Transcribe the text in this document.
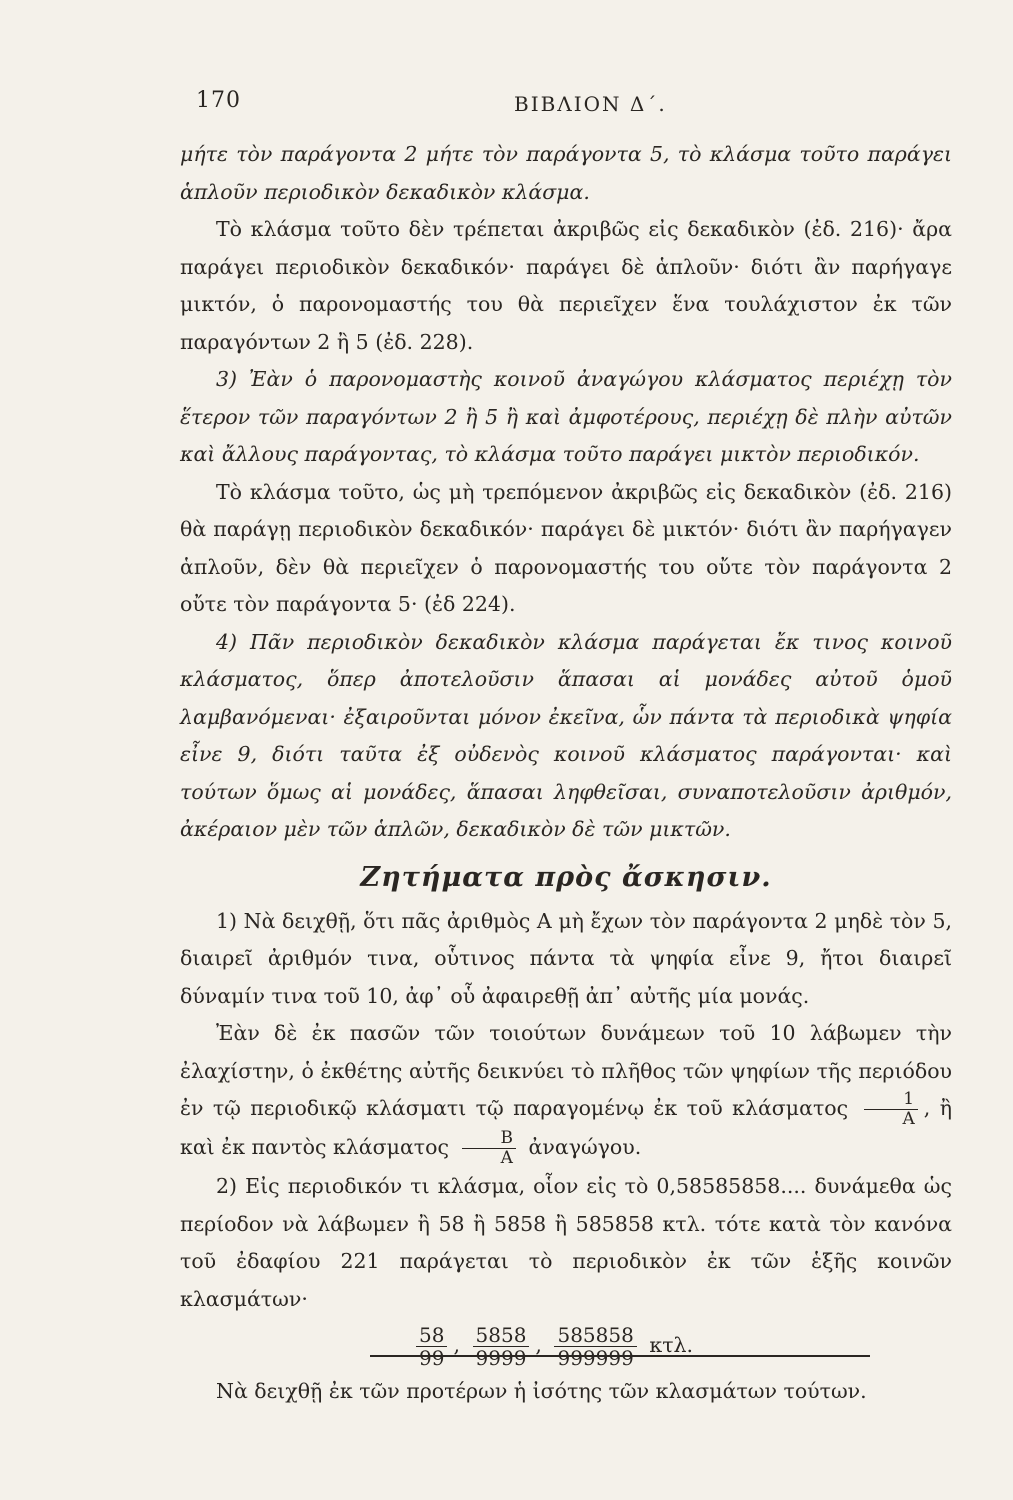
170	ΒΙΒΛΙΟΝ Δ΄.

μήτε τὸν παράγοντα 2 μήτε τὸν παράγοντα 5, τὸ κλάσμα τοῦτο παράγει ἁπλοῦν περιοδικὸν δεκαδικὸν κλάσμα.

Τὸ κλάσμα τοῦτο δὲν τρέπεται ἀκριβῶς εἰς δεκαδικὸν (ἐδ. 216)· ἄρα παράγει περιοδικὸν δεκαδικόν· παράγει δὲ ἁπλοῦν· διότι ἂν παρήγαγε μικτόν, ὁ παρονομαστής του θὰ περιεῖχεν ἕνα τουλάχιστον ἐκ τῶν παραγόντων 2 ἢ 5 (ἐδ. 228).

3) Ἐὰν ὁ παρονομαστὴς κοινοῦ ἀναγώγου κλάσματος περιέχῃ τὸν ἕτερον τῶν παραγόντων 2 ἢ 5 ἢ καὶ ἀμφοτέρους, περιέχῃ δὲ πλὴν αὐτῶν καὶ ἄλλους παράγοντας, τὸ κλάσμα τοῦτο παράγει μικτὸν περιοδικόν.

Τὸ κλάσμα τοῦτο, ὡς μὴ τρεπόμενον ἀκριβῶς εἰς δεκαδικὸν (ἐδ. 216) θὰ παράγῃ περιοδικὸν δεκαδικόν· παράγει δὲ μικτόν· διότι ἂν παρήγαγεν ἁπλοῦν, δὲν θὰ περιεῖχεν ὁ παρονομαστής του οὔτε τὸν παράγοντα 2 οὔτε τὸν παράγοντα 5· (ἐδ 224).

4) Πᾶν περιοδικὸν δεκαδικὸν κλάσμα παράγεται ἔκ τινος κοινοῦ κλάσματος, ὅπερ ἀποτελοῦσιν ἅπασαι αἱ μονάδες αὐτοῦ ὁμοῦ λαμβανόμεναι· ἐξαιροῦνται μόνον ἐκεῖνα, ὧν πάντα τὰ περιοδικὰ ψηφία εἶνε 9, διότι ταῦτα ἐξ οὐδενὸς κοινοῦ κλάσματος παράγονται· καὶ τούτων ὅμως αἱ μονάδες, ἅπασαι ληφθεῖσαι, συναποτελοῦσιν ἀριθμόν, ἀκέραιον μὲν τῶν ἁπλῶν, δεκαδικὸν δὲ τῶν μικτῶν.

Ζητήματα πρὸς ἄσκησιν.

1) Νὰ δειχθῇ, ὅτι πᾶς ἀριθμὸς Α μὴ ἔχων τὸν παράγοντα 2 μηδὲ τὸν 5, διαιρεῖ ἀριθμόν τινα, οὗτινος πάντα τὰ ψηφία εἶνε 9, ἤτοι διαιρεῖ δύναμίν τινα τοῦ 10, ἀφ᾽ οὗ ἀφαιρεθῇ ἀπ᾽ αὐτῆς μία μονάς.

Ἐὰν δὲ ἐκ πασῶν τῶν τοιούτων δυνάμεων τοῦ 10 λάβωμεν τὴν ἐλαχίστην, ὁ ἐκθέτης αὐτῆς δεικνύει τὸ πλῆθος τῶν ψηφίων τῆς περιόδου ἐν τῷ περιοδικῷ κλάσματι τῷ παραγομένῳ ἐκ τοῦ κλάσματος $\frac{1}{A}$ , ἢ καὶ ἐκ παντὸς κλάσματος $\frac{B}{A}$ ἀναγώγου.

2) Εἰς περιοδικόν τι κλάσμα, οἷον εἰς τὸ 0,58585858.... δυνάμεθα ὡς περίοδον νὰ λάβωμεν ἢ 58 ἢ 5858 ἢ 585858 κτλ. τότε κατὰ τὸν κανόνα τοῦ ἐδαφίου 221 παράγεται τὸ περιοδικὸν ἐκ τῶν ἑξῆς κοινῶν κλασμάτων·

$\frac{58}{99}$ , $\frac{5858}{9999}$ , $\frac{585858}{999999} \kappa\tau\lambda$.

Νὰ δειχθῇ ἐκ τῶν προτέρων ἡ ἰσότης τῶν κλασμάτων τούτων.
